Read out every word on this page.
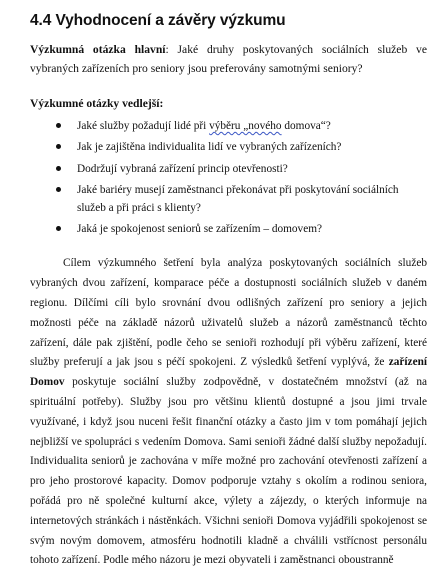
4.4 Vyhodnocení a závěry výzkumu

Výzkumná otázka hlavní: Jaké druhy poskytovaných sociálních služeb ve vybraných zařízeních pro seniory jsou preferovány samotnými seniory?

Výzkumné otázky vedlejší:

Jaké služby požadují lidé při výběru „nového domova“?
Jak je zajištěna individualita lidí ve vybraných zařízeních?
Dodržují vybraná zařízení princip otevřenosti?
Jaké bariéry musejí zaměstnanci překonávat při poskytování sociálních služeb a při práci s klienty?
Jaká je spokojenost seniorů se zařízením – domovem?

Cílem výzkumného šetření byla analýza poskytovaných sociálních služeb vybraných dvou zařízení, komparace péče a dostupnosti sociálních služeb v daném regionu. Dílčími cíli bylo srovnání dvou odlišných zařízení pro seniory a jejich možnosti péče na základě názorů uživatelů služeb a názorů zaměstnanců těchto zařízení, dále pak zjištění, podle čeho se senioři rozhodují při výběru zařízení, které služby preferují a jak jsou s péčí spokojeni. Z výsledků šetření vyplývá, že zařízení Domov poskytuje sociální služby zodpovědně, v dostatečném množství (až na spirituální potřeby). Služby jsou pro většinu klientů dostupné a jsou jimi trvale využívané, i když jsou nuceni řešit finanční otázky a často jim v tom pomáhají jejich nejbližší ve spolupráci s vedením Domova. Sami senioři žádné další služby nepožadují. Individualita seniorů je zachována v míře možné pro zachování otevřenosti zařízení a pro jeho prostorové kapacity. Domov podporuje vztahy s okolím a rodinou seniora, pořádá pro ně společné kulturní akce, výlety a zájezdy, o kterých informuje na internetových stránkách i nástěnkách. Všichni senioři Domova vyjádřili spokojenost se svým novým domovem, atmosféru hodnotili kladně a chválili vstřícnost personálu tohoto zařízení. Podle mého názoru je mezi obyvateli i zaměstnanci oboustranně
